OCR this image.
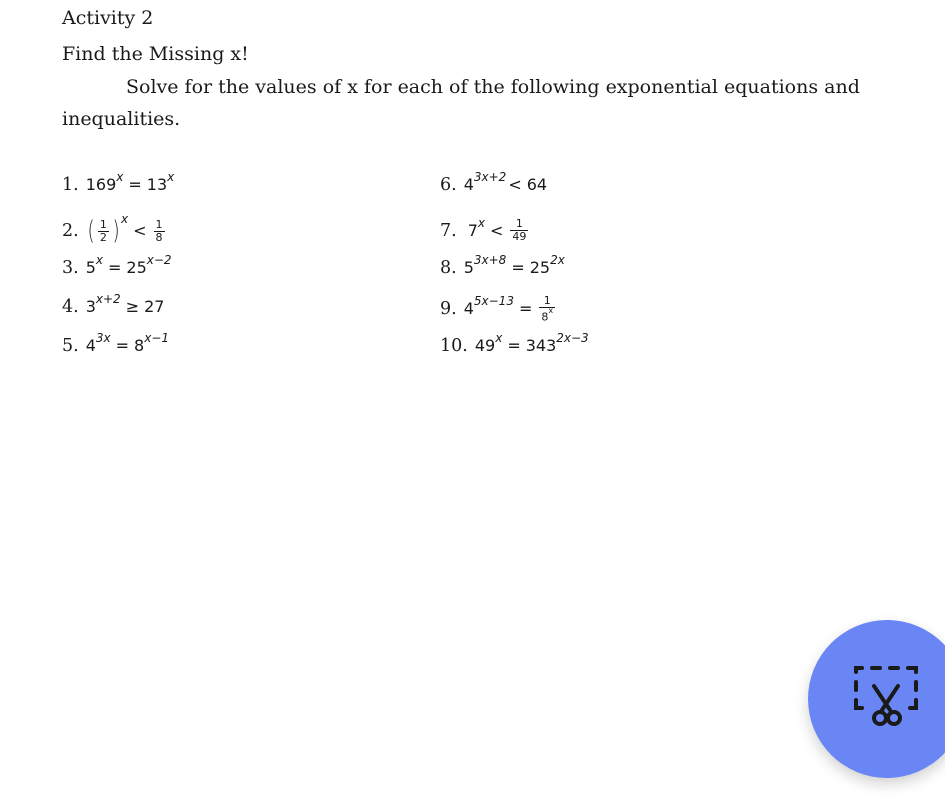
Activity 2
Find the Missing x!
Solve for the values of x for each of the following exponential equations and
inequalities.
1. $169^x = 13^x$
2. ( $\frac{1}{2} )^x$
< $\frac{1}{8}$
3. $5^x = 25^{x-2}$
4. $3^{x+2} \ge 27$
5. $4^{3x} = 8^{x-1}$
6. $4^{3x+2} < 64$
7. $7^x < \frac{1}{49}$
8. $5^{3x+8} = 25^{2x}$
9. $4^{5x-13} = \frac{1}{8^x}$
10. $49^x = 343^{2x-3}$
